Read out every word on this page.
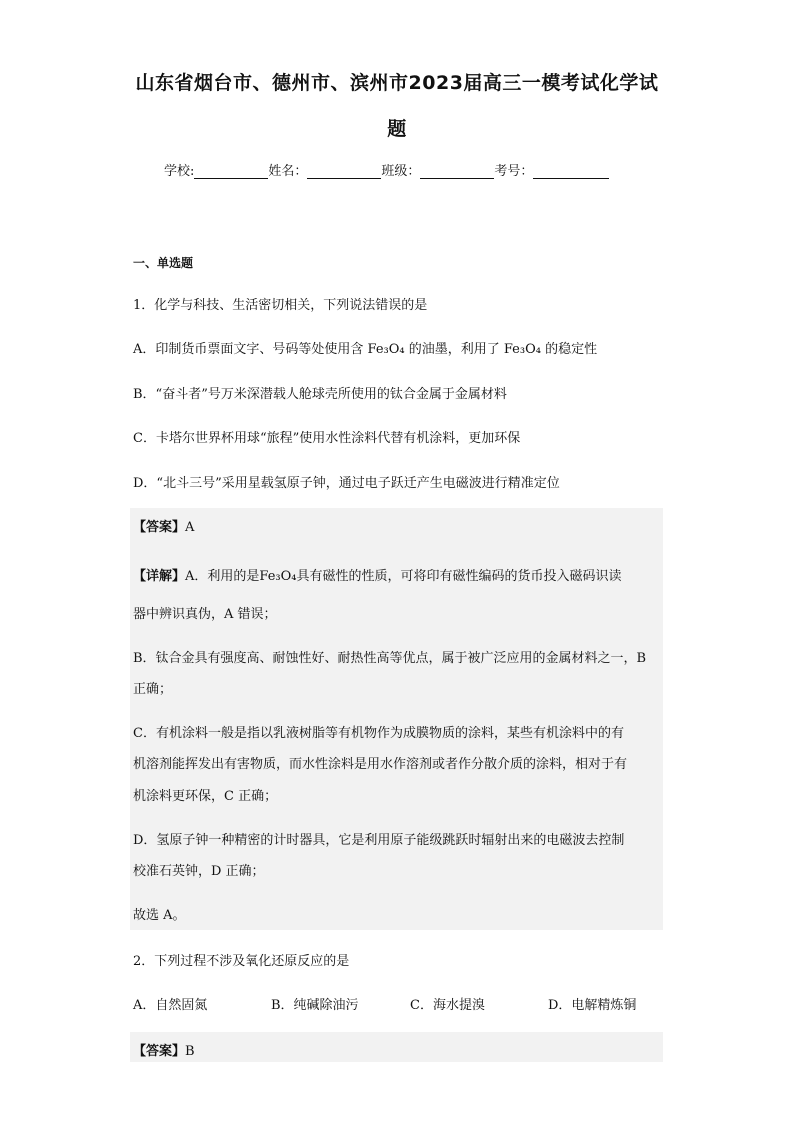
山东省烟台市、德州市、滨州市2023届高三一模考试化学试
题
学校:	姓名：	班级：	考号：
一、单选题
1．化学与科技、生活密切相关，下列说法错误的是
A．印制货币票面文字、号码等处使用含 Fe₃O₄ 的油墨，利用了 Fe₃O₄ 的稳定性
B．“奋斗者”号万米深潜载人舱球壳所使用的钛合金属于金属材料
C．卡塔尔世界杯用球“旅程”使用水性涂料代替有机涂料，更加环保
D．“北斗三号”采用星载氢原子钟，通过电子跃迁产生电磁波进行精准定位
【答案】A
【详解】A．利用的是Fe₃O₄具有磁性的性质，可将印有磁性编码的货币投入磁码识读
器中辨识真伪，A 错误；
B．钛合金具有强度高、耐蚀性好、耐热性高等优点，属于被广泛应用的金属材料之一，B
正确；
C．有机涂料一般是指以乳液树脂等有机物作为成膜物质的涂料，某些有机涂料中的有
机溶剂能挥发出有害物质，而水性涂料是用水作溶剂或者作分散介质的涂料，相对于有
机涂料更环保，C 正确；
D．氢原子钟一种精密的计时器具，它是利用原子能级跳跃时辐射出来的电磁波去控制
校准石英钟，D 正确；
故选 A。
2．下列过程不涉及氧化还原反应的是
A．自然固氮	B．纯碱除油污	C．海水提溴	D．电解精炼铜
【答案】B
